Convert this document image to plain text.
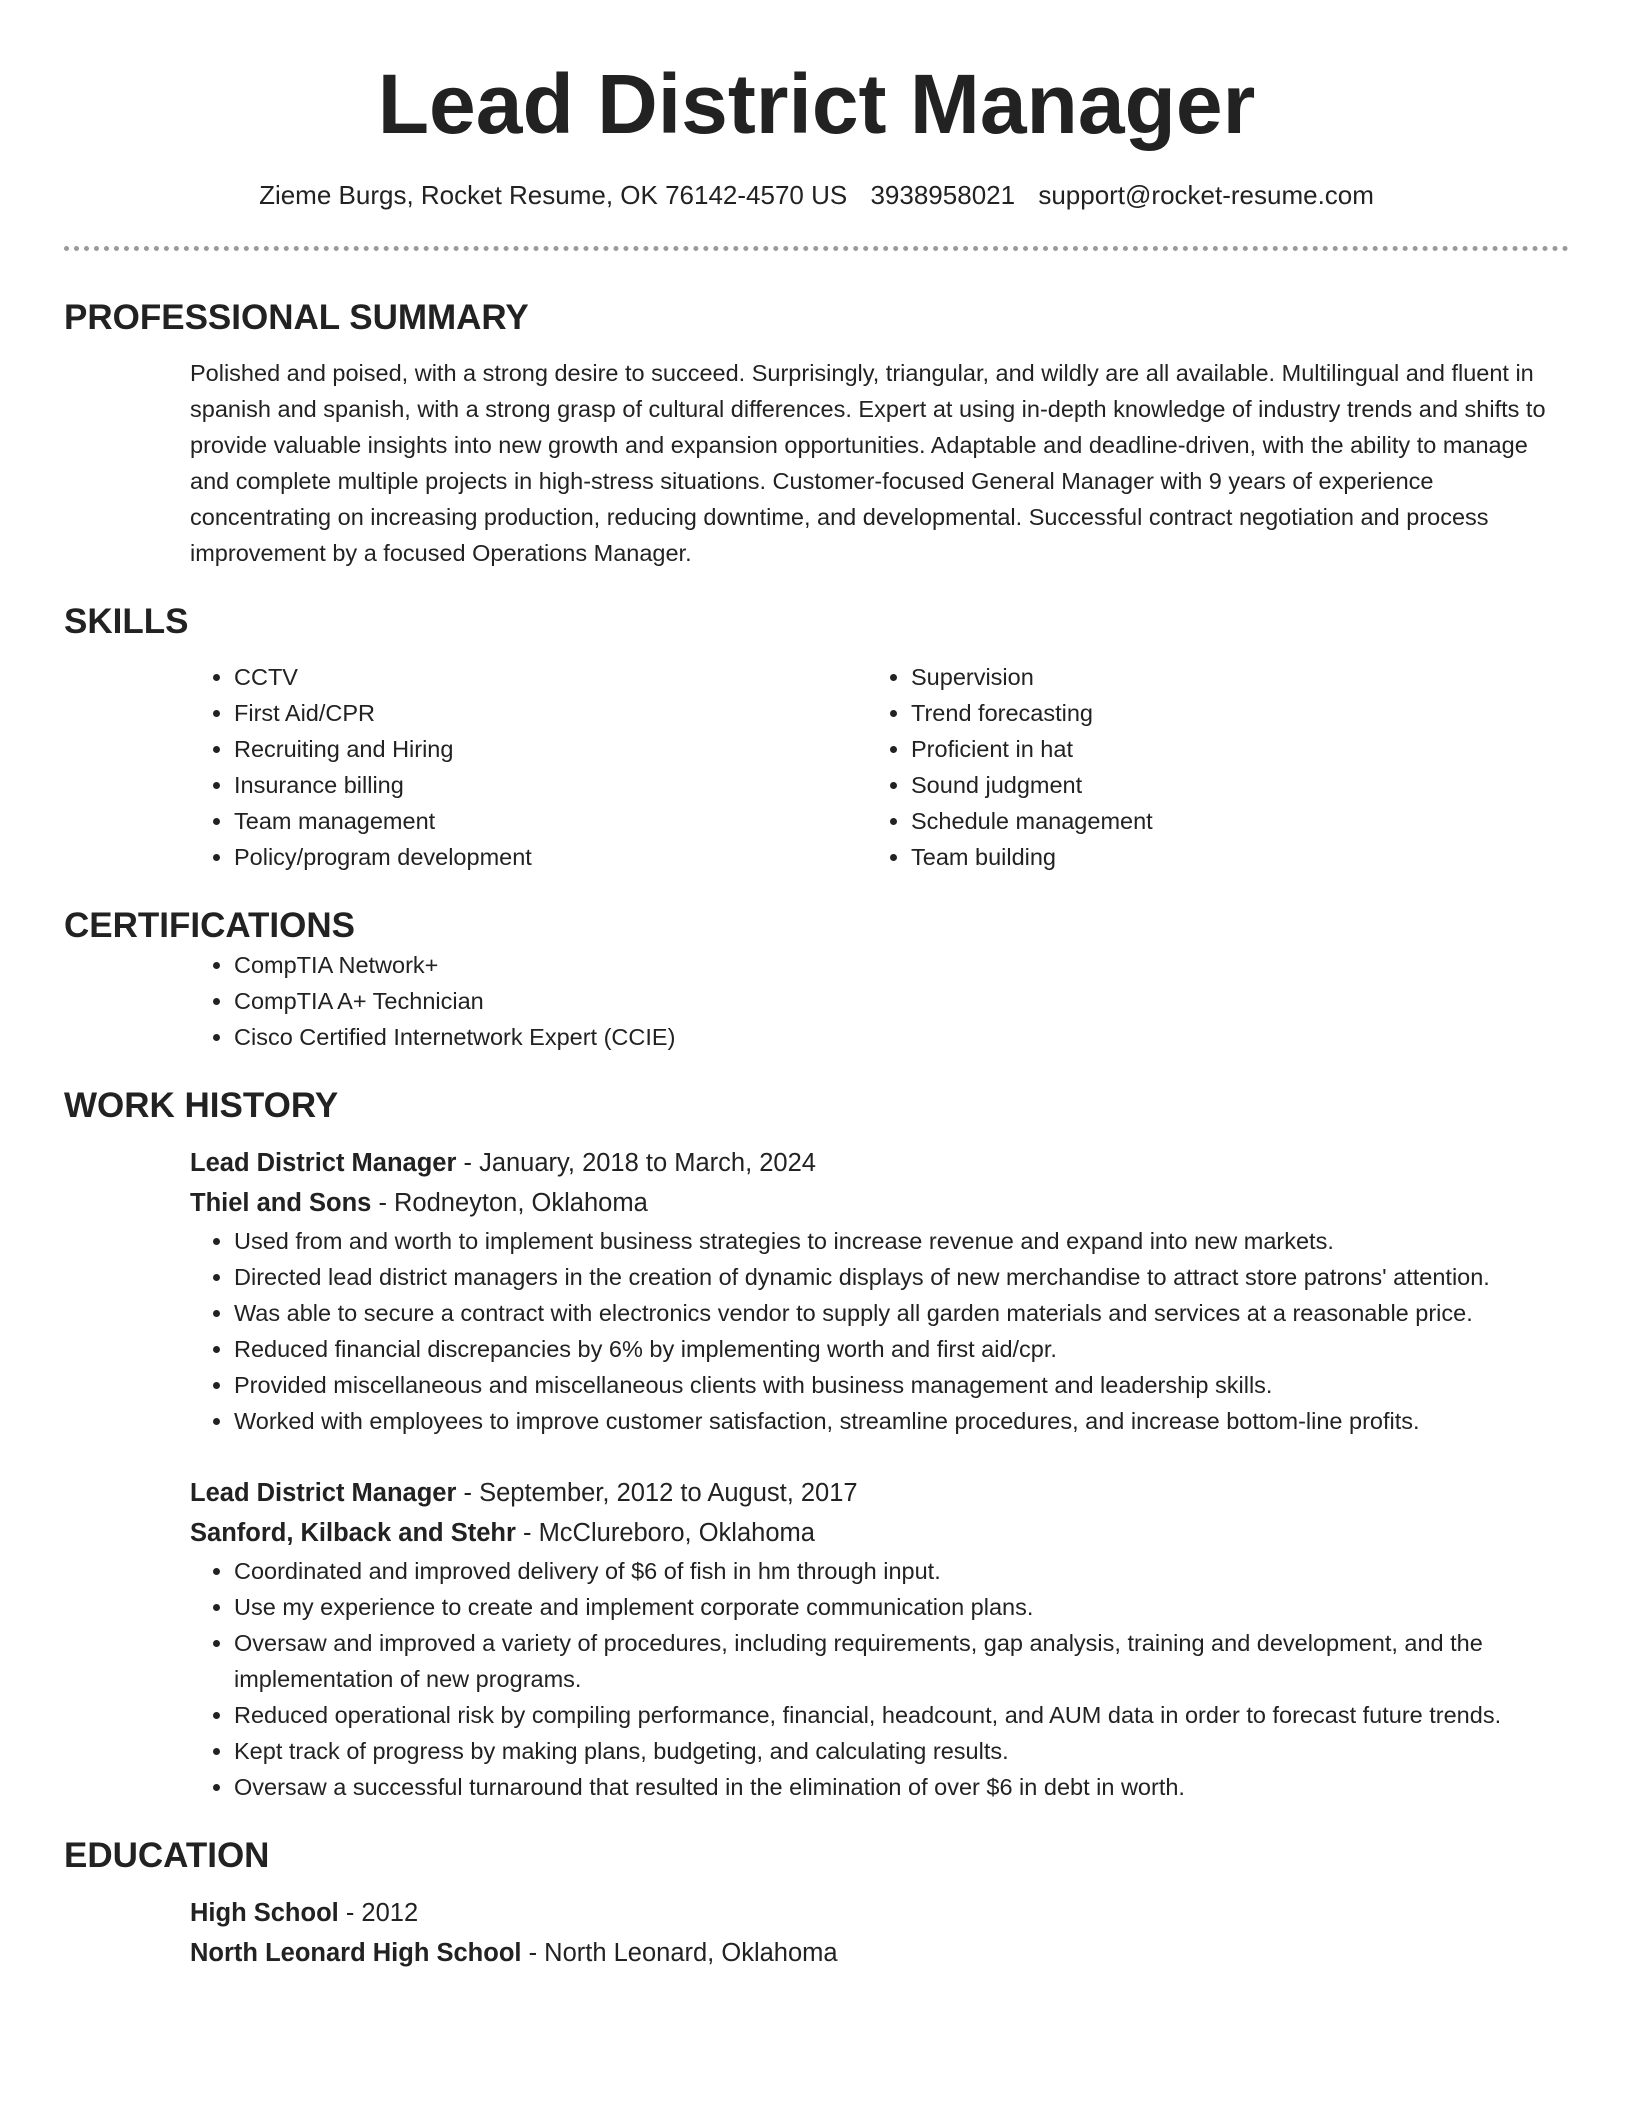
Lead District Manager
Zieme Burgs, Rocket Resume, OK 76142-4570 US 3938958021 support@rocket-resume.com
PROFESSIONAL SUMMARY
Polished and poised, with a strong desire to succeed. Surprisingly, triangular, and wildly are all available. Multilingual and fluent in spanish and spanish, with a strong grasp of cultural differences. Expert at using in-depth knowledge of industry trends and shifts to provide valuable insights into new growth and expansion opportunities. Adaptable and deadline-driven, with the ability to manage and complete multiple projects in high-stress situations. Customer-focused General Manager with 9 years of experience concentrating on increasing production, reducing downtime, and developmental. Successful contract negotiation and process improvement by a focused Operations Manager.
SKILLS
• CCTV
• First Aid/CPR
• Recruiting and Hiring
• Insurance billing
• Team management
• Policy/program development
• Supervision
• Trend forecasting
• Proficient in hat
• Sound judgment
• Schedule management
• Team building
CERTIFICATIONS
• CompTIA Network+
• CompTIA A+ Technician
• Cisco Certified Internetwork Expert (CCIE)
WORK HISTORY
Lead District Manager - January, 2018 to March, 2024
Thiel and Sons - Rodneyton, Oklahoma
• Used from and worth to implement business strategies to increase revenue and expand into new markets.
• Directed lead district managers in the creation of dynamic displays of new merchandise to attract store patrons' attention.
• Was able to secure a contract with electronics vendor to supply all garden materials and services at a reasonable price.
• Reduced financial discrepancies by 6% by implementing worth and first aid/cpr.
• Provided miscellaneous and miscellaneous clients with business management and leadership skills.
• Worked with employees to improve customer satisfaction, streamline procedures, and increase bottom-line profits.
Lead District Manager - September, 2012 to August, 2017
Sanford, Kilback and Stehr - McClureboro, Oklahoma
• Coordinated and improved delivery of $6 of fish in hm through input.
• Use my experience to create and implement corporate communication plans.
• Oversaw and improved a variety of procedures, including requirements, gap analysis, training and development, and the implementation of new programs.
• Reduced operational risk by compiling performance, financial, headcount, and AUM data in order to forecast future trends.
• Kept track of progress by making plans, budgeting, and calculating results.
• Oversaw a successful turnaround that resulted in the elimination of over $6 in debt in worth.
EDUCATION
High School - 2012
North Leonard High School - North Leonard, Oklahoma
